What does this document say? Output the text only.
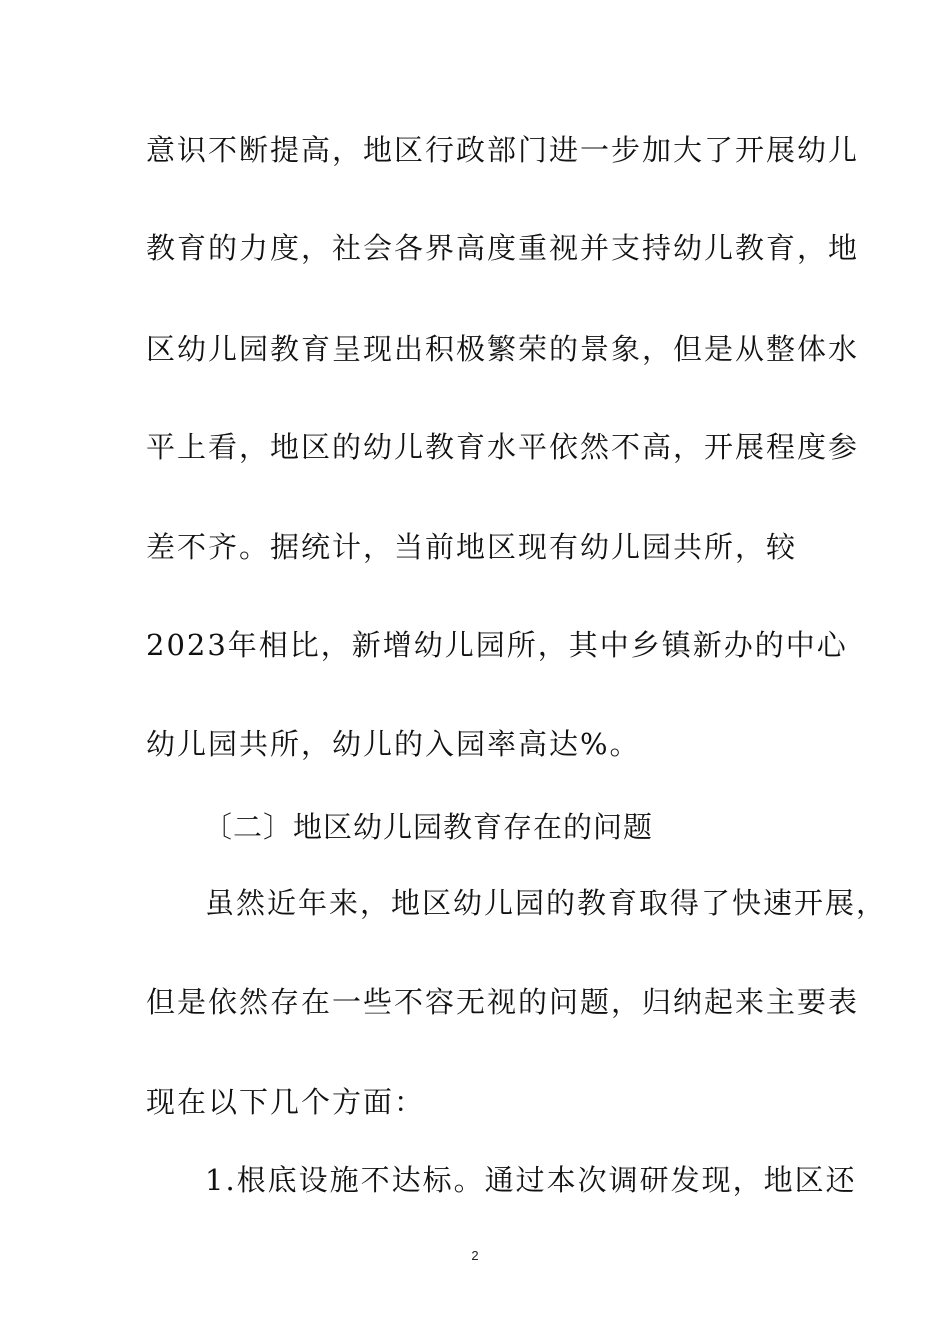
意识不断提高，地区行政部门进一步加大了开展幼儿
教育的力度，社会各界高度重视并支持幼儿教育，地
区幼儿园教育呈现出积极繁荣的景象，但是从整体水
平上看，地区的幼儿教育水平依然不高，开展程度参
差不齐。据统计，当前地区现有幼儿园共所，较
2023年相比，新增幼儿园所，其中乡镇新办的中心
幼儿园共所，幼儿的入园率高达%。
〔二〕地区幼儿园教育存在的问题
虽然近年来，地区幼儿园的教育取得了快速开展，
但是依然存在一些不容无视的问题，归纳起来主要表
现在以下几个方面：
1.根底设施不达标。通过本次调研发现，地区还
2
